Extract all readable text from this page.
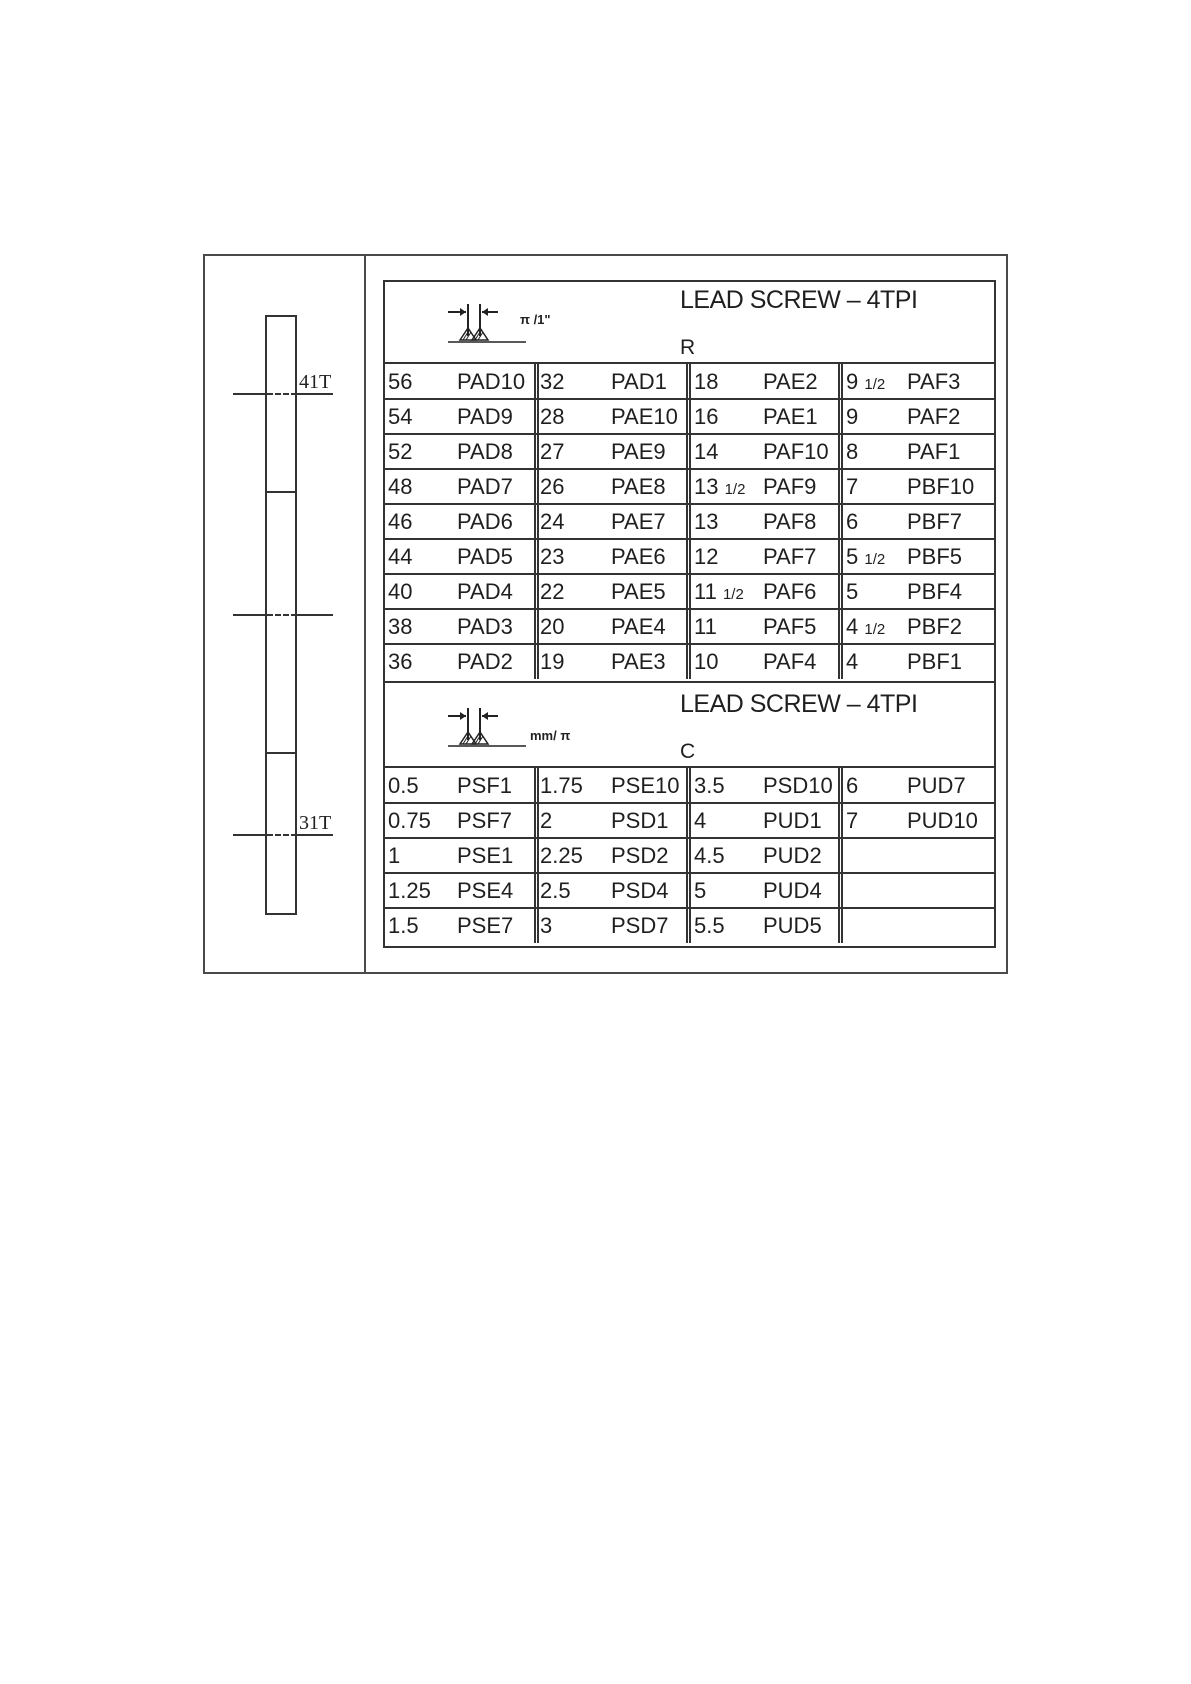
41T
31T
LEAD SCREW – 4TPI
R
π /1"
56 PAD10 32 PAD1 18 PAE2 9 1/2 PAF3
54 PAD9 28 PAE10 16 PAE1 9 PAF2
52 PAD8 27 PAE9 14 PAF10 8 PAF1
48 PAD7 26 PAE8 13 1/2 PAF9 7 PBF10
46 PAD6 24 PAE7 13 PAF8 6 PBF7
44 PAD5 23 PAE6 12 PAF7 5 1/2 PBF5
40 PAD4 22 PAE5 11 1/2 PAF6 5 PBF4
38 PAD3 20 PAE4 11 PAF5 4 1/2 PBF2
36 PAD2 19 PAE3 10 PAF4 4 PBF1
LEAD SCREW – 4TPI
C
mm/ π
0.5 PSF1 1.75 PSE10 3.5 PSD10 6 PUD7
0.75 PSF7 2	PSD1 4	PUD1 7 PUD10
1	PSE1 2.25 PSD2 4.5 PUD2
1.25 PSE4 2.5 PSD4 5	PUD4
1.5 PSE7 3	PSD7 5.5 PUD5
